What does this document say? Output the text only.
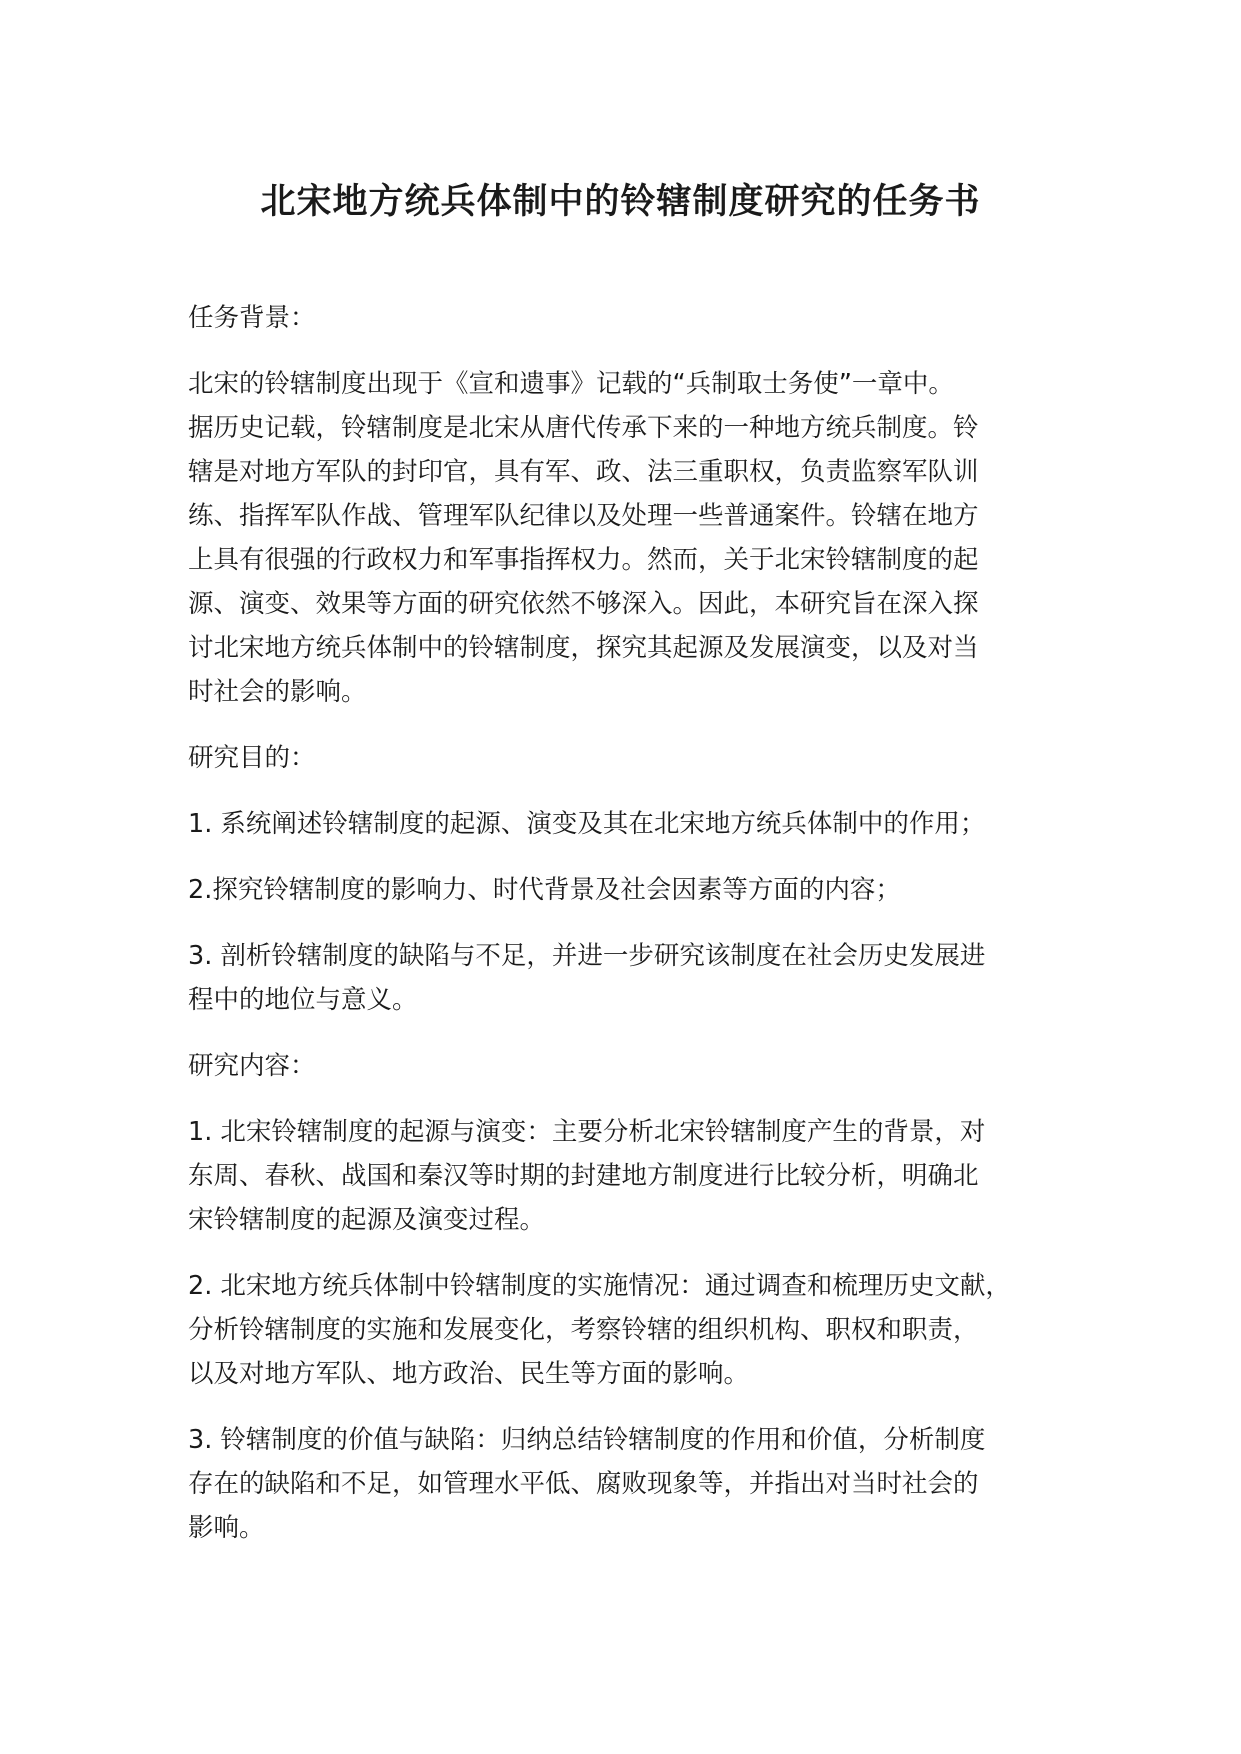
北宋地方统兵体制中的铃辖制度研究的任务书
任务背景：
北宋的铃辖制度出现于《宣和遗事》记载的“兵制取士务使”一章中。
据历史记载，铃辖制度是北宋从唐代传承下来的一种地方统兵制度。铃
辖是对地方军队的封印官，具有军、政、法三重职权，负责监察军队训
练、指挥军队作战、管理军队纪律以及处理一些普通案件。铃辖在地方
上具有很强的行政权力和军事指挥权力。然而，关于北宋铃辖制度的起
源、演变、效果等方面的研究依然不够深入。因此，本研究旨在深入探
讨北宋地方统兵体制中的铃辖制度，探究其起源及发展演变，以及对当
时社会的影响。
研究目的：
1. 系统阐述铃辖制度的起源、演变及其在北宋地方统兵体制中的作用；
2.探究铃辖制度的影响力、时代背景及社会因素等方面的内容；
3. 剖析铃辖制度的缺陷与不足，并进一步研究该制度在社会历史发展进
程中的地位与意义。
研究内容：
1. 北宋铃辖制度的起源与演变：主要分析北宋铃辖制度产生的背景，对
东周、春秋、战国和秦汉等时期的封建地方制度进行比较分析，明确北
宋铃辖制度的起源及演变过程。
2. 北宋地方统兵体制中铃辖制度的实施情况：通过调查和梳理历史文献，
分析铃辖制度的实施和发展变化，考察铃辖的组织机构、职权和职责，
以及对地方军队、地方政治、民生等方面的影响。
3. 铃辖制度的价值与缺陷：归纳总结铃辖制度的作用和价值，分析制度
存在的缺陷和不足，如管理水平低、腐败现象等，并指出对当时社会的
影响。
